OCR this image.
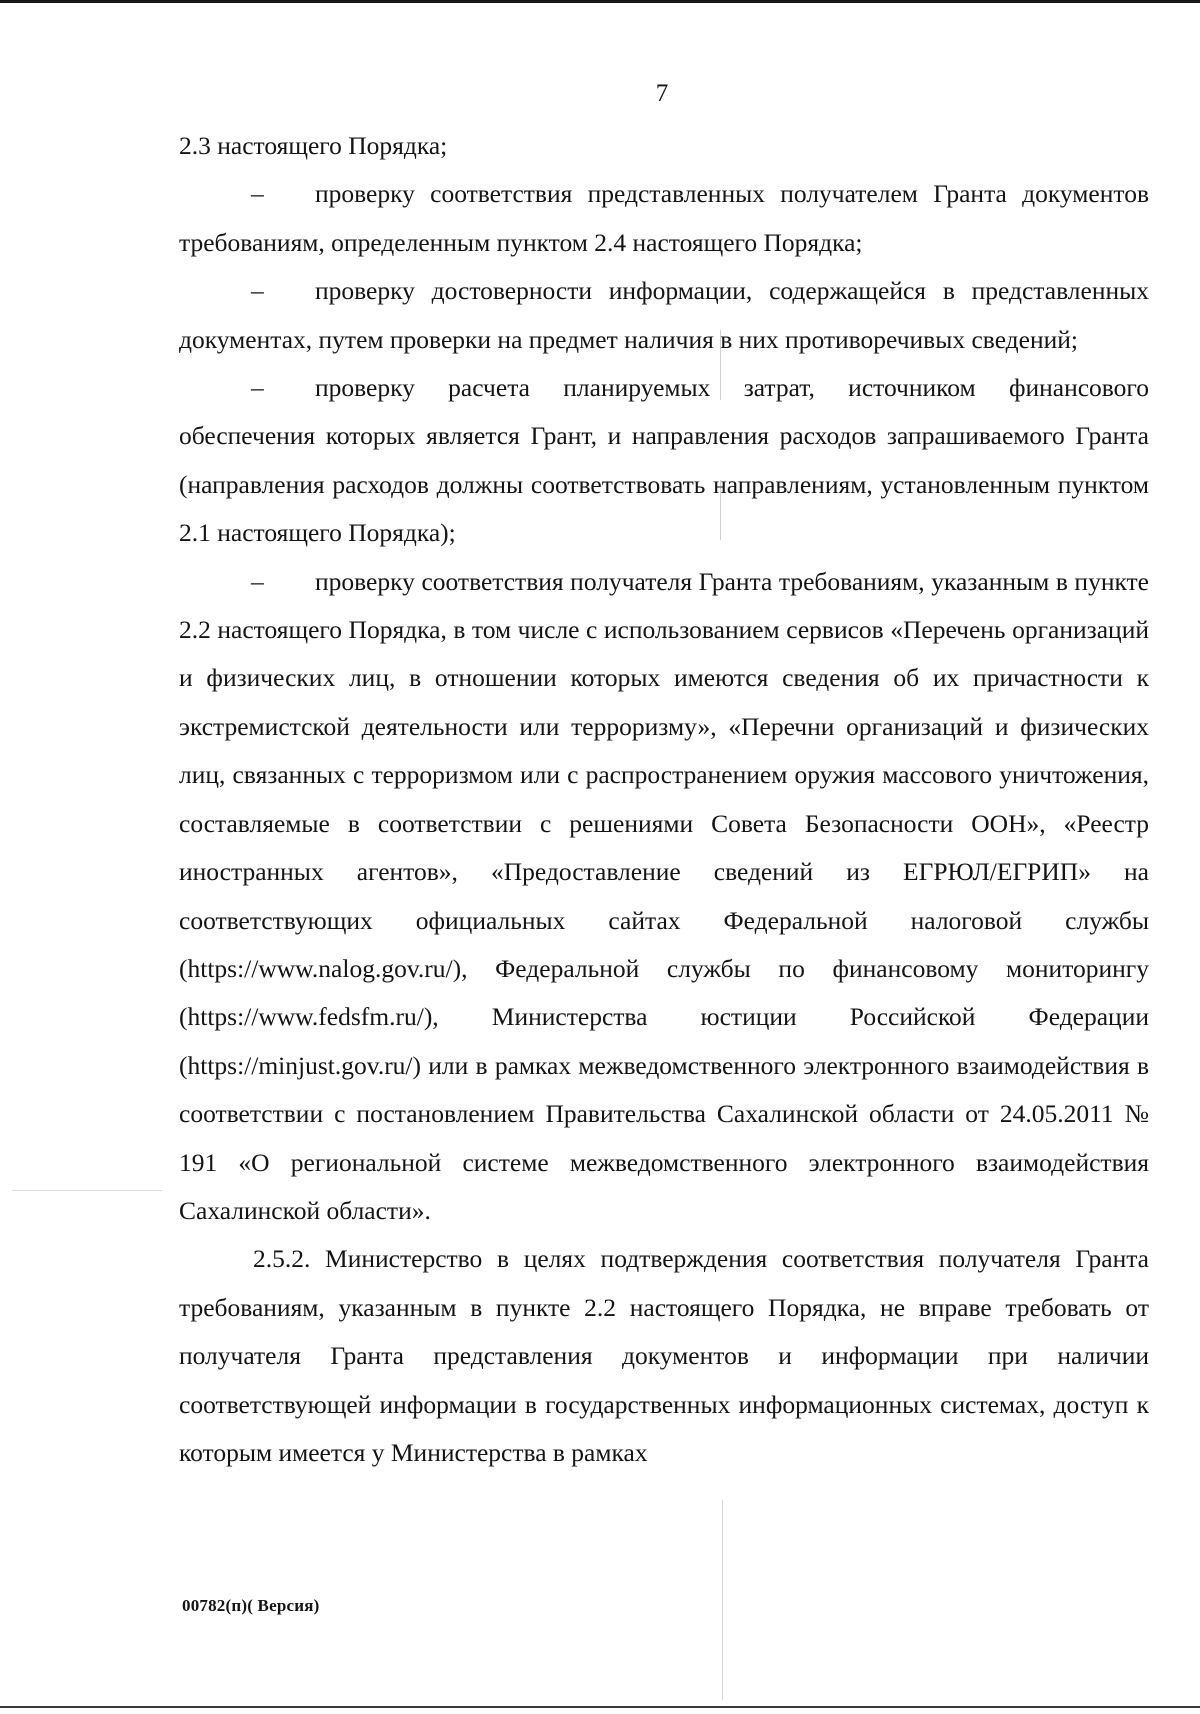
7

2.3 настоящего Порядка;

– проверку соответствия представленных получателем Гранта документов требованиям, определенным пунктом 2.4 настоящего Порядка;

– проверку достоверности информации, содержащейся в представленных документах, путем проверки на предмет наличия в них противоречивых сведений;

– проверку расчета планируемых затрат, источником финансового обеспечения которых является Грант, и направления расходов запрашиваемого Гранта (направления расходов должны соответствовать направлениям, установленным пунктом 2.1 настоящего Порядка);

– проверку соответствия получателя Гранта требованиям, указанным в пункте 2.2 настоящего Порядка, в том числе с использованием сервисов «Перечень организаций и физических лиц, в отношении которых имеются сведения об их причастности к экстремистской деятельности или терроризму», «Перечни организаций и физических лиц, связанных с терроризмом или с распространением оружия массового уничтожения, составляемые в соответствии с решениями Совета Безопасности ООН», «Реестр иностранных агентов», «Предоставление сведений из ЕГРЮЛ/ЕГРИП» на соответствующих официальных сайтах Федеральной налоговой службы (https://www.nalog.gov.ru/), Федеральной службы по финансовому мониторингу (https://www.fedsfm.ru/), Министерства юстиции Российской Федерации (https://minjust.gov.ru/) или в рамках межведомственного электронного взаимодействия в соответствии с постановлением Правительства Сахалинской области от 24.05.2011 № 191 «О региональной системе межведомственного электронного взаимодействия Сахалинской области».

2.5.2. Министерство в целях подтверждения соответствия получателя Гранта требованиям, указанным в пункте 2.2 настоящего Порядка, не вправе требовать от получателя Гранта представления документов и информации при наличии соответствующей информации в государственных информационных системах, доступ к которым имеется у Министерства в рамках

00782(п)( Версия)
